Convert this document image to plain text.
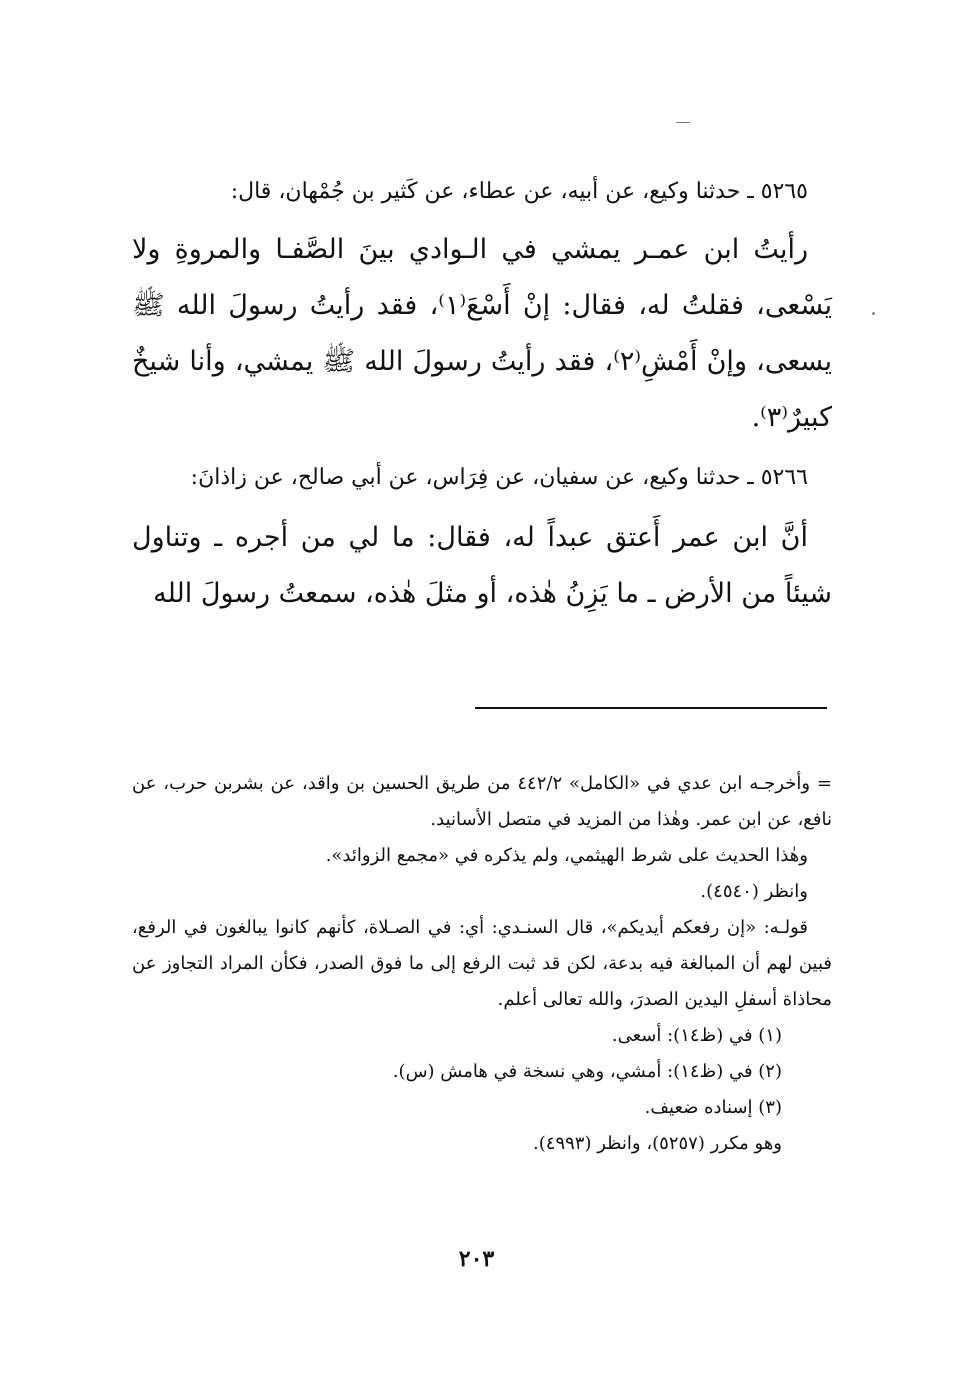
٥٢٦٥ ـ حدثنا وكيع، عن أبيه، عن عطاء، عن كَثير بن جُمْهان، قال:

رأيتُ ابن عمـر يمشي في الـوادي بينَ الصَّفـا والمروةِ ولا يَسْعى، فقلتُ له، فقال: إنْ أَسْعَ⁽١⁾، فقد رأيتُ رسولَ الله ﷺ يسعى، وإنْ أَمْشِ⁽٢⁾، فقد رأيتُ رسولَ الله ﷺ يمشي، وأنا شيخٌ كبيرٌ⁽٣⁾.

٥٢٦٦ ـ حدثنا وكيع، عن سفيان، عن فِرَاس، عن أبي صالح، عن زاذانَ:

أنَّ ابن عمر أَعتق عبداً له، فقال: ما لي من أجره ـ وتناول شيئاً من الأرض ـ ما يَزِنُ هٰذه، أو مثلَ هٰذه، سمعتُ رسولَ الله

= وأخرجـه ابن عدي في «الكامل» ٤٤٢/٢ من طريق الحسين بن واقد، عن بشربن حرب، عن نافع، عن ابن عمر. وهٰذا من المزيد في متصل الأسانيد.

وهٰذا الحديث على شرط الهيثمي، ولم يذكره في «مجمع الزوائد».

وانظر (٤٥٤٠).

قولـه: «إن رفعكم أيديكم»، قال السنـدي: أي: في الصـلاة، كأنهم كانوا يبالغون في الرفع، فبين لهم أن المبالغة فيه بدعة، لكن قد ثبت الرفع إلى ما فوق الصدر، فكأن المراد التجاوز عن محاذاة أسفلِ اليدين الصدرَ، والله تعالى أعلم.

(١) في (ظ١٤): أسعى.

(٢) في (ظ١٤): أمشي، وهي نسخة في هامش (س).

(٣) إسناده ضعيف.

وهو مكرر (٥٢٥٧)، وانظر (٤٩٩٣).

٢٠٣
